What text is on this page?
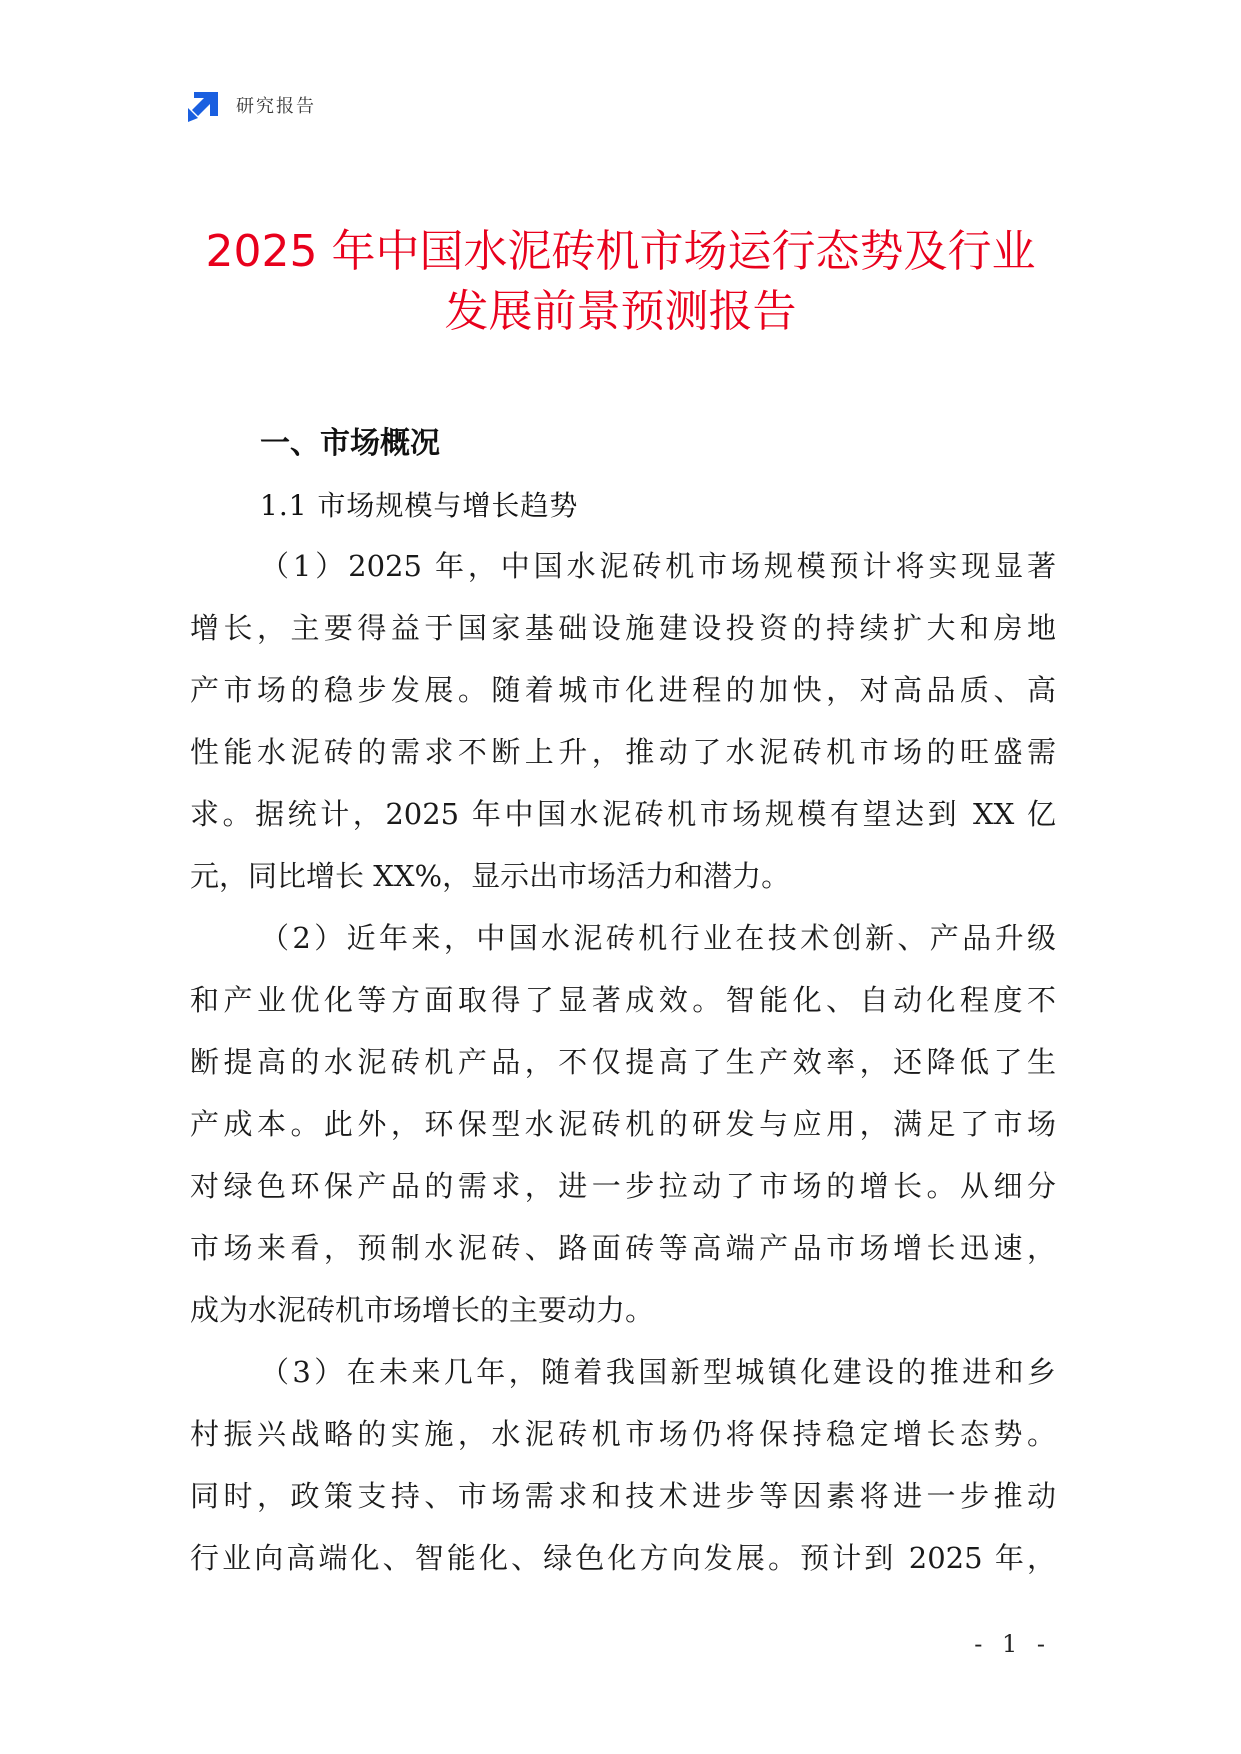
研究报告
2025 年中国水泥砖机市场运行态势及行业
发展前景预测报告
一、市场概况
1.1 市场规模与增长趋势
（1）2025 年，中国水泥砖机市场规模预计将实现显著
增长，主要得益于国家基础设施建设投资的持续扩大和房地
产市场的稳步发展。随着城市化进程的加快，对高品质、高
性能水泥砖的需求不断上升，推动了水泥砖机市场的旺盛需
求。据统计，2025 年中国水泥砖机市场规模有望达到 XX 亿
元，同比增长 XX%，显示出市场活力和潜力。
（2）近年来，中国水泥砖机行业在技术创新、产品升级
和产业优化等方面取得了显著成效。智能化、自动化程度不
断提高的水泥砖机产品，不仅提高了生产效率，还降低了生
产成本。此外，环保型水泥砖机的研发与应用，满足了市场
对绿色环保产品的需求，进一步拉动了市场的增长。从细分
市场来看，预制水泥砖、路面砖等高端产品市场增长迅速，
成为水泥砖机市场增长的主要动力。
（3）在未来几年，随着我国新型城镇化建设的推进和乡
村振兴战略的实施，水泥砖机市场仍将保持稳定增长态势。
同时，政策支持、市场需求和技术进步等因素将进一步推动
行业向高端化、智能化、绿色化方向发展。预计到 2025 年，
- 1 -
